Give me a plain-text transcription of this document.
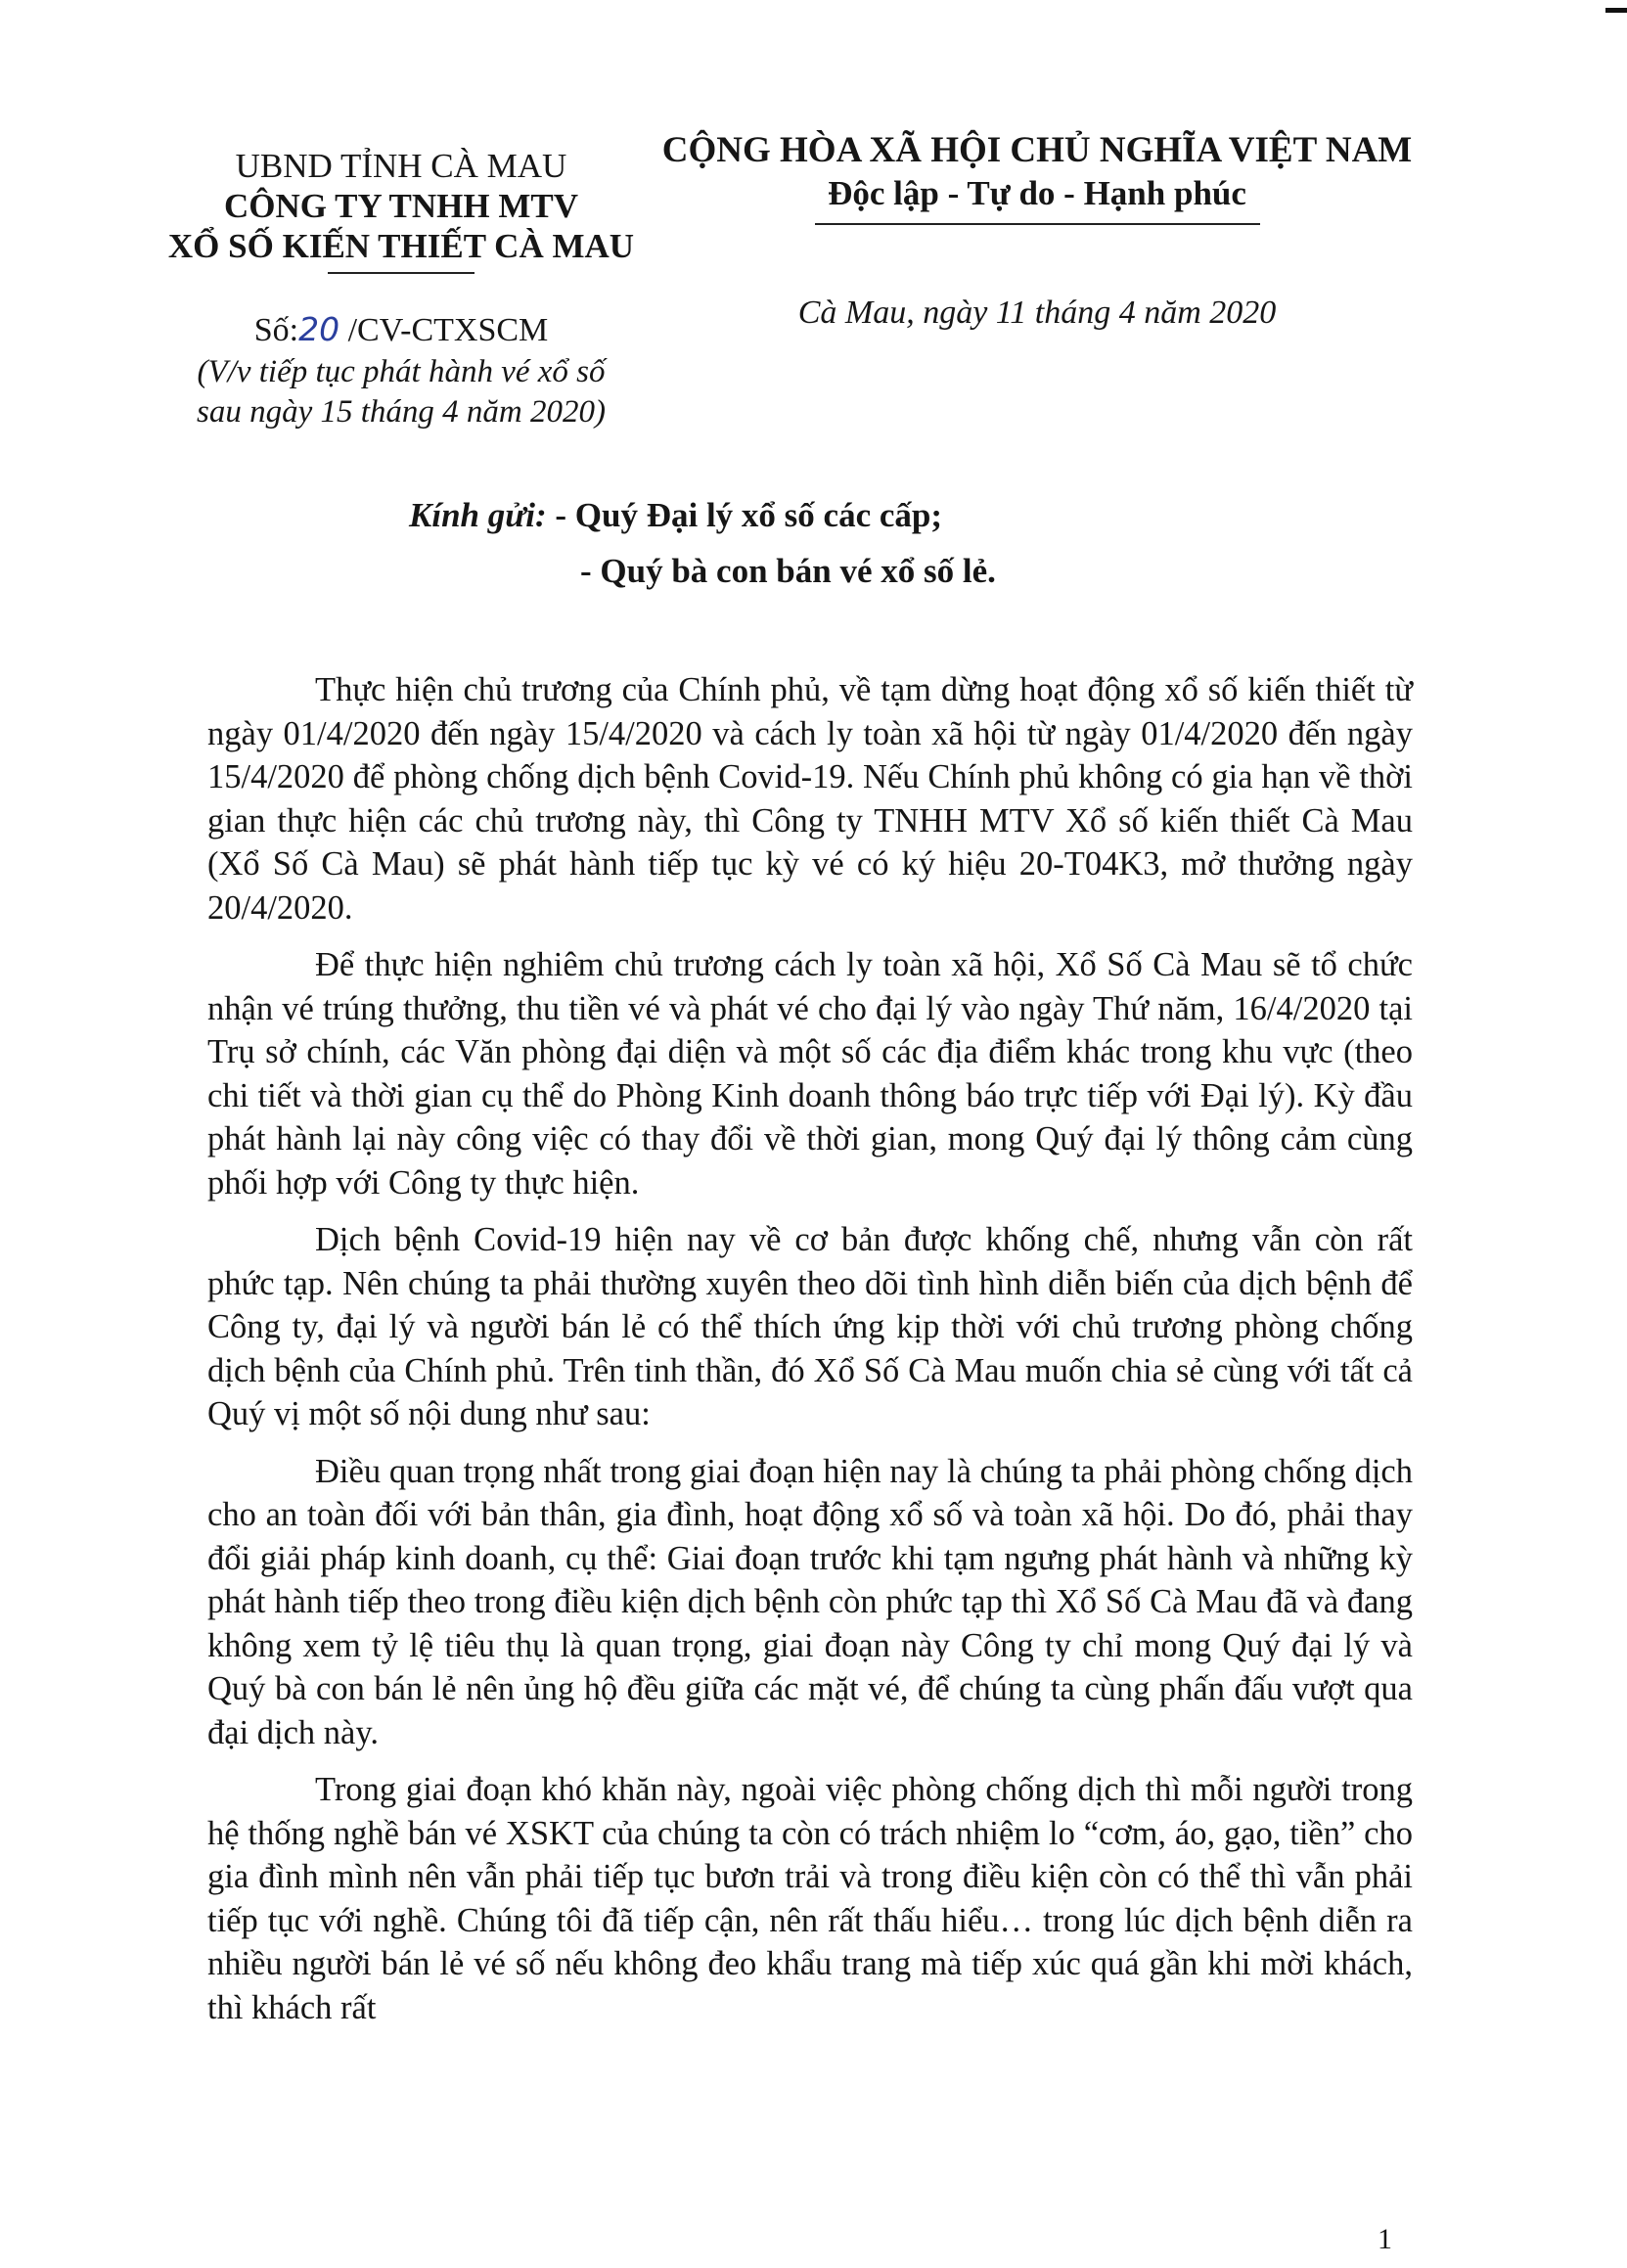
UBND TỈNH CÀ MAU

CÔNG TY TNHH MTV

XỔ SỐ KIẾN THIẾT CÀ MAU

CỘNG HÒA XÃ HỘI CHỦ NGHĨA VIỆT NAM

Độc lập - Tự do - Hạnh phúc

Số:20 /CV-CTXSCM
(V/v tiếp tục phát hành vé xổ số
sau ngày 15 tháng 4 năm 2020)
Cà Mau, ngày 11 tháng 4 năm 2020
Kính gửi: - Quý Đại lý xổ số các cấp;
- Quý bà con bán vé xổ số lẻ.

Thực hiện chủ trương của Chính phủ, về tạm dừng hoạt động xổ số kiến thiết từ ngày 01/4/2020 đến ngày 15/4/2020 và cách ly toàn xã hội từ ngày 01/4/2020 đến ngày 15/4/2020 để phòng chống dịch bệnh Covid-19. Nếu Chính phủ không có gia hạn về thời gian thực hiện các chủ trương này, thì Công ty TNHH MTV Xổ số kiến thiết Cà Mau (Xổ Số Cà Mau) sẽ phát hành tiếp tục kỳ vé có ký hiệu 20-T04K3, mở thưởng ngày 20/4/2020.

Để thực hiện nghiêm chủ trương cách ly toàn xã hội, Xổ Số Cà Mau sẽ tổ chức nhận vé trúng thưởng, thu tiền vé và phát vé cho đại lý vào ngày Thứ năm, 16/4/2020 tại Trụ sở chính, các Văn phòng đại diện và một số các địa điểm khác trong khu vực (theo chi tiết và thời gian cụ thể do Phòng Kinh doanh thông báo trực tiếp với Đại lý). Kỳ đầu phát hành lại này công việc có thay đổi về thời gian, mong Quý đại lý thông cảm cùng phối hợp với Công ty thực hiện.

Dịch bệnh Covid-19 hiện nay về cơ bản được khống chế, nhưng vẫn còn rất phức tạp. Nên chúng ta phải thường xuyên theo dõi tình hình diễn biến của dịch bệnh để Công ty, đại lý và người bán lẻ có thể thích ứng kịp thời với chủ trương phòng chống dịch bệnh của Chính phủ. Trên tinh thần, đó Xổ Số Cà Mau muốn chia sẻ cùng với tất cả Quý vị một số nội dung như sau:

Điều quan trọng nhất trong giai đoạn hiện nay là chúng ta phải phòng chống dịch cho an toàn đối với bản thân, gia đình, hoạt động xổ số và toàn xã hội. Do đó, phải thay đổi giải pháp kinh doanh, cụ thể: Giai đoạn trước khi tạm ngưng phát hành và những kỳ phát hành tiếp theo trong điều kiện dịch bệnh còn phức tạp thì Xổ Số Cà Mau đã và đang không xem tỷ lệ tiêu thụ là quan trọng, giai đoạn này Công ty chỉ mong Quý đại lý và Quý bà con bán lẻ nên ủng hộ đều giữa các mặt vé, để chúng ta cùng phấn đấu vượt qua đại dịch này.

Trong giai đoạn khó khăn này, ngoài việc phòng chống dịch thì mỗi người trong hệ thống nghề bán vé XSKT của chúng ta còn có trách nhiệm lo “cơm, áo, gạo, tiền” cho gia đình mình nên vẫn phải tiếp tục bươn trải và trong điều kiện còn có thể thì vẫn phải tiếp tục với nghề. Chúng tôi đã tiếp cận, nên rất thấu hiểu… trong lúc dịch bệnh diễn ra nhiều người bán lẻ vé số nếu không đeo khẩu trang mà tiếp xúc quá gần khi mời khách, thì khách rất

1
